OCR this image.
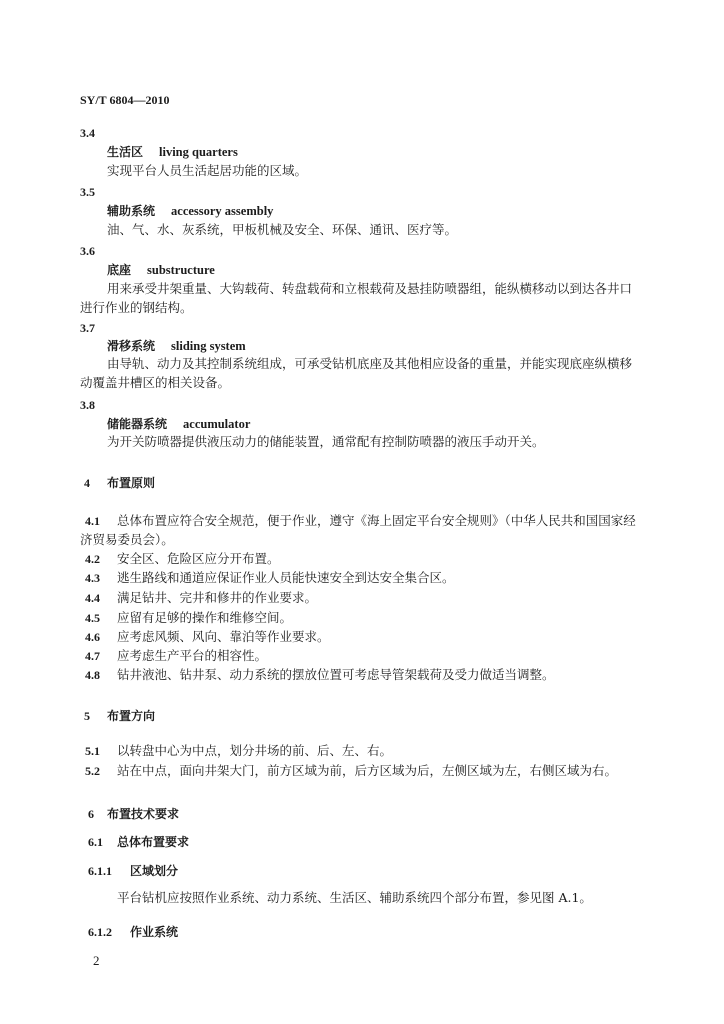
SY/T 6804—2010
3.4
生活区 living quarters
实现平台人员生活起居功能的区域。
3.5
辅助系统 accessory assembly
油、气、水、灰系统，甲板机械及安全、环保、通讯、医疗等。
3.6
底座 substructure
用来承受井架重量、大钩载荷、转盘载荷和立根载荷及悬挂防喷器组，能纵横移动以到达各井口
进行作业的钢结构。
3.7
滑移系统 sliding system
由导轨、动力及其控制系统组成，可承受钻机底座及其他相应设备的重量，并能实现底座纵横移
动覆盖井槽区的相关设备。
3.8
储能器系统 accumulator
为开关防喷器提供液压动力的储能装置，通常配有控制防喷器的液压手动开关。
4 布置原则
4.1 总体布置应符合安全规范，便于作业，遵守《海上固定平台安全规则》（中华人民共和国国家经
济贸易委员会）。
4.2 安全区、危险区应分开布置。
4.3 逃生路线和通道应保证作业人员能快速安全到达安全集合区。
4.4 满足钻井、完井和修井的作业要求。
4.5 应留有足够的操作和维修空间。
4.6 应考虑风频、风向、靠泊等作业要求。
4.7 应考虑生产平台的相容性。
4.8 钻井液池、钻井泵、动力系统的摆放位置可考虑导管架载荷及受力做适当调整。
5 布置方向
5.1 以转盘中心为中点，划分井场的前、后、左、右。
5.2 站在中点，面向井架大门，前方区域为前，后方区域为后，左侧区域为左，右侧区域为右。
6 布置技术要求
6.1 总体布置要求
6.1.1 区域划分
平台钻机应按照作业系统、动力系统、生活区、辅助系统四个部分布置，参见图 A.1。
6.1.2 作业系统
2
